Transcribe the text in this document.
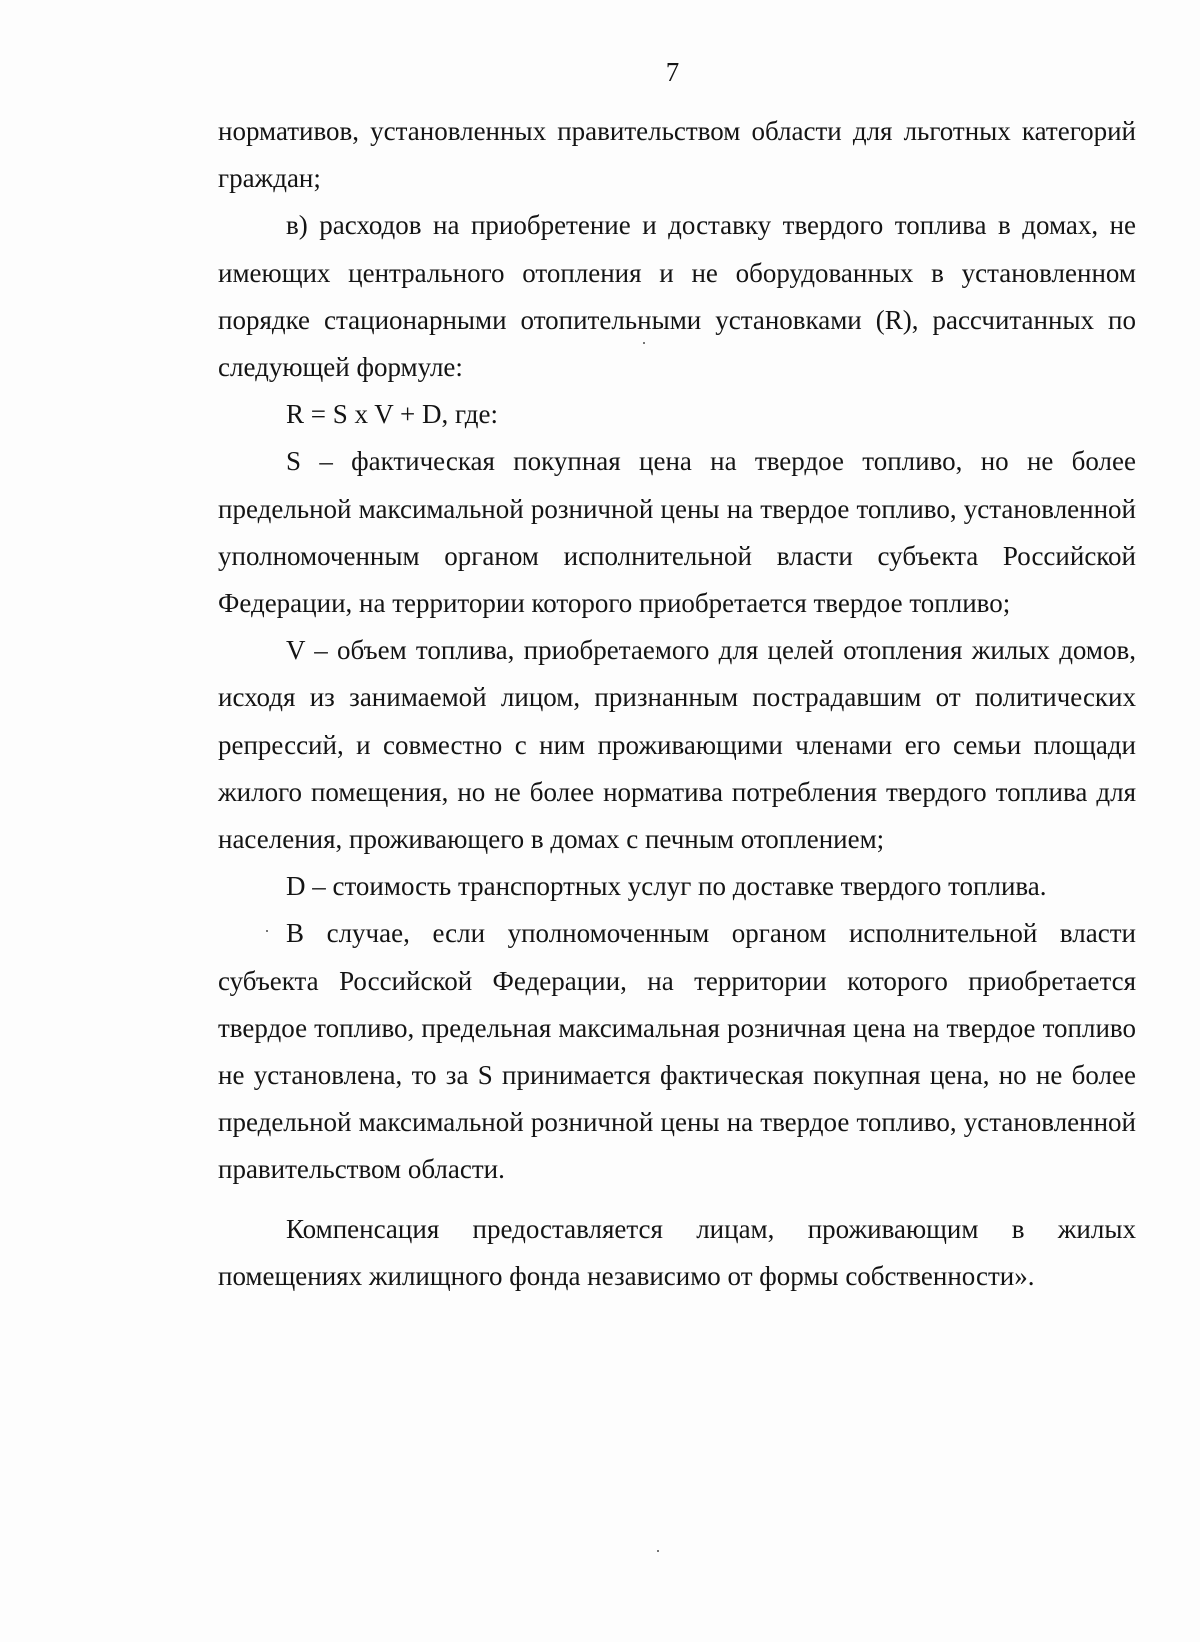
7

нормативов, установленных правительством области для льготных категорий граждан;

в) расходов на приобретение и доставку твердого топлива в домах, не имеющих центрального отопления и не оборудованных в установленном порядке стационарными отопительными установками (R), рассчитанных по следующей формуле:

R = S x V + D, где:

S – фактическая покупная цена на твердое топливо, но не более предельной максимальной розничной цены на твердое топливо, установленной уполномоченным органом исполнительной власти субъекта Российской Федерации, на территории которого приобретается твердое топливо;

V – объем топлива, приобретаемого для целей отопления жилых домов, исходя из занимаемой лицом, признанным пострадавшим от политических репрессий, и совместно с ним проживающими членами его семьи площади жилого помещения, но не более норматива потребления твердого топлива для населения, проживающего в домах с печным отоплением;

D – стоимость транспортных услуг по доставке твердого топлива.

В случае, если уполномоченным органом исполнительной власти субъекта Российской Федерации, на территории которого приобретается твердое топливо, предельная максимальная розничная цена на твердое топливо не установлена, то за S принимается фактическая покупная цена, но не более предельной максимальной розничной цены на твердое топливо, установленной правительством области.

Компенсация предоставляется лицам, проживающим в жилых помещениях жилищного фонда независимо от формы собственности».
